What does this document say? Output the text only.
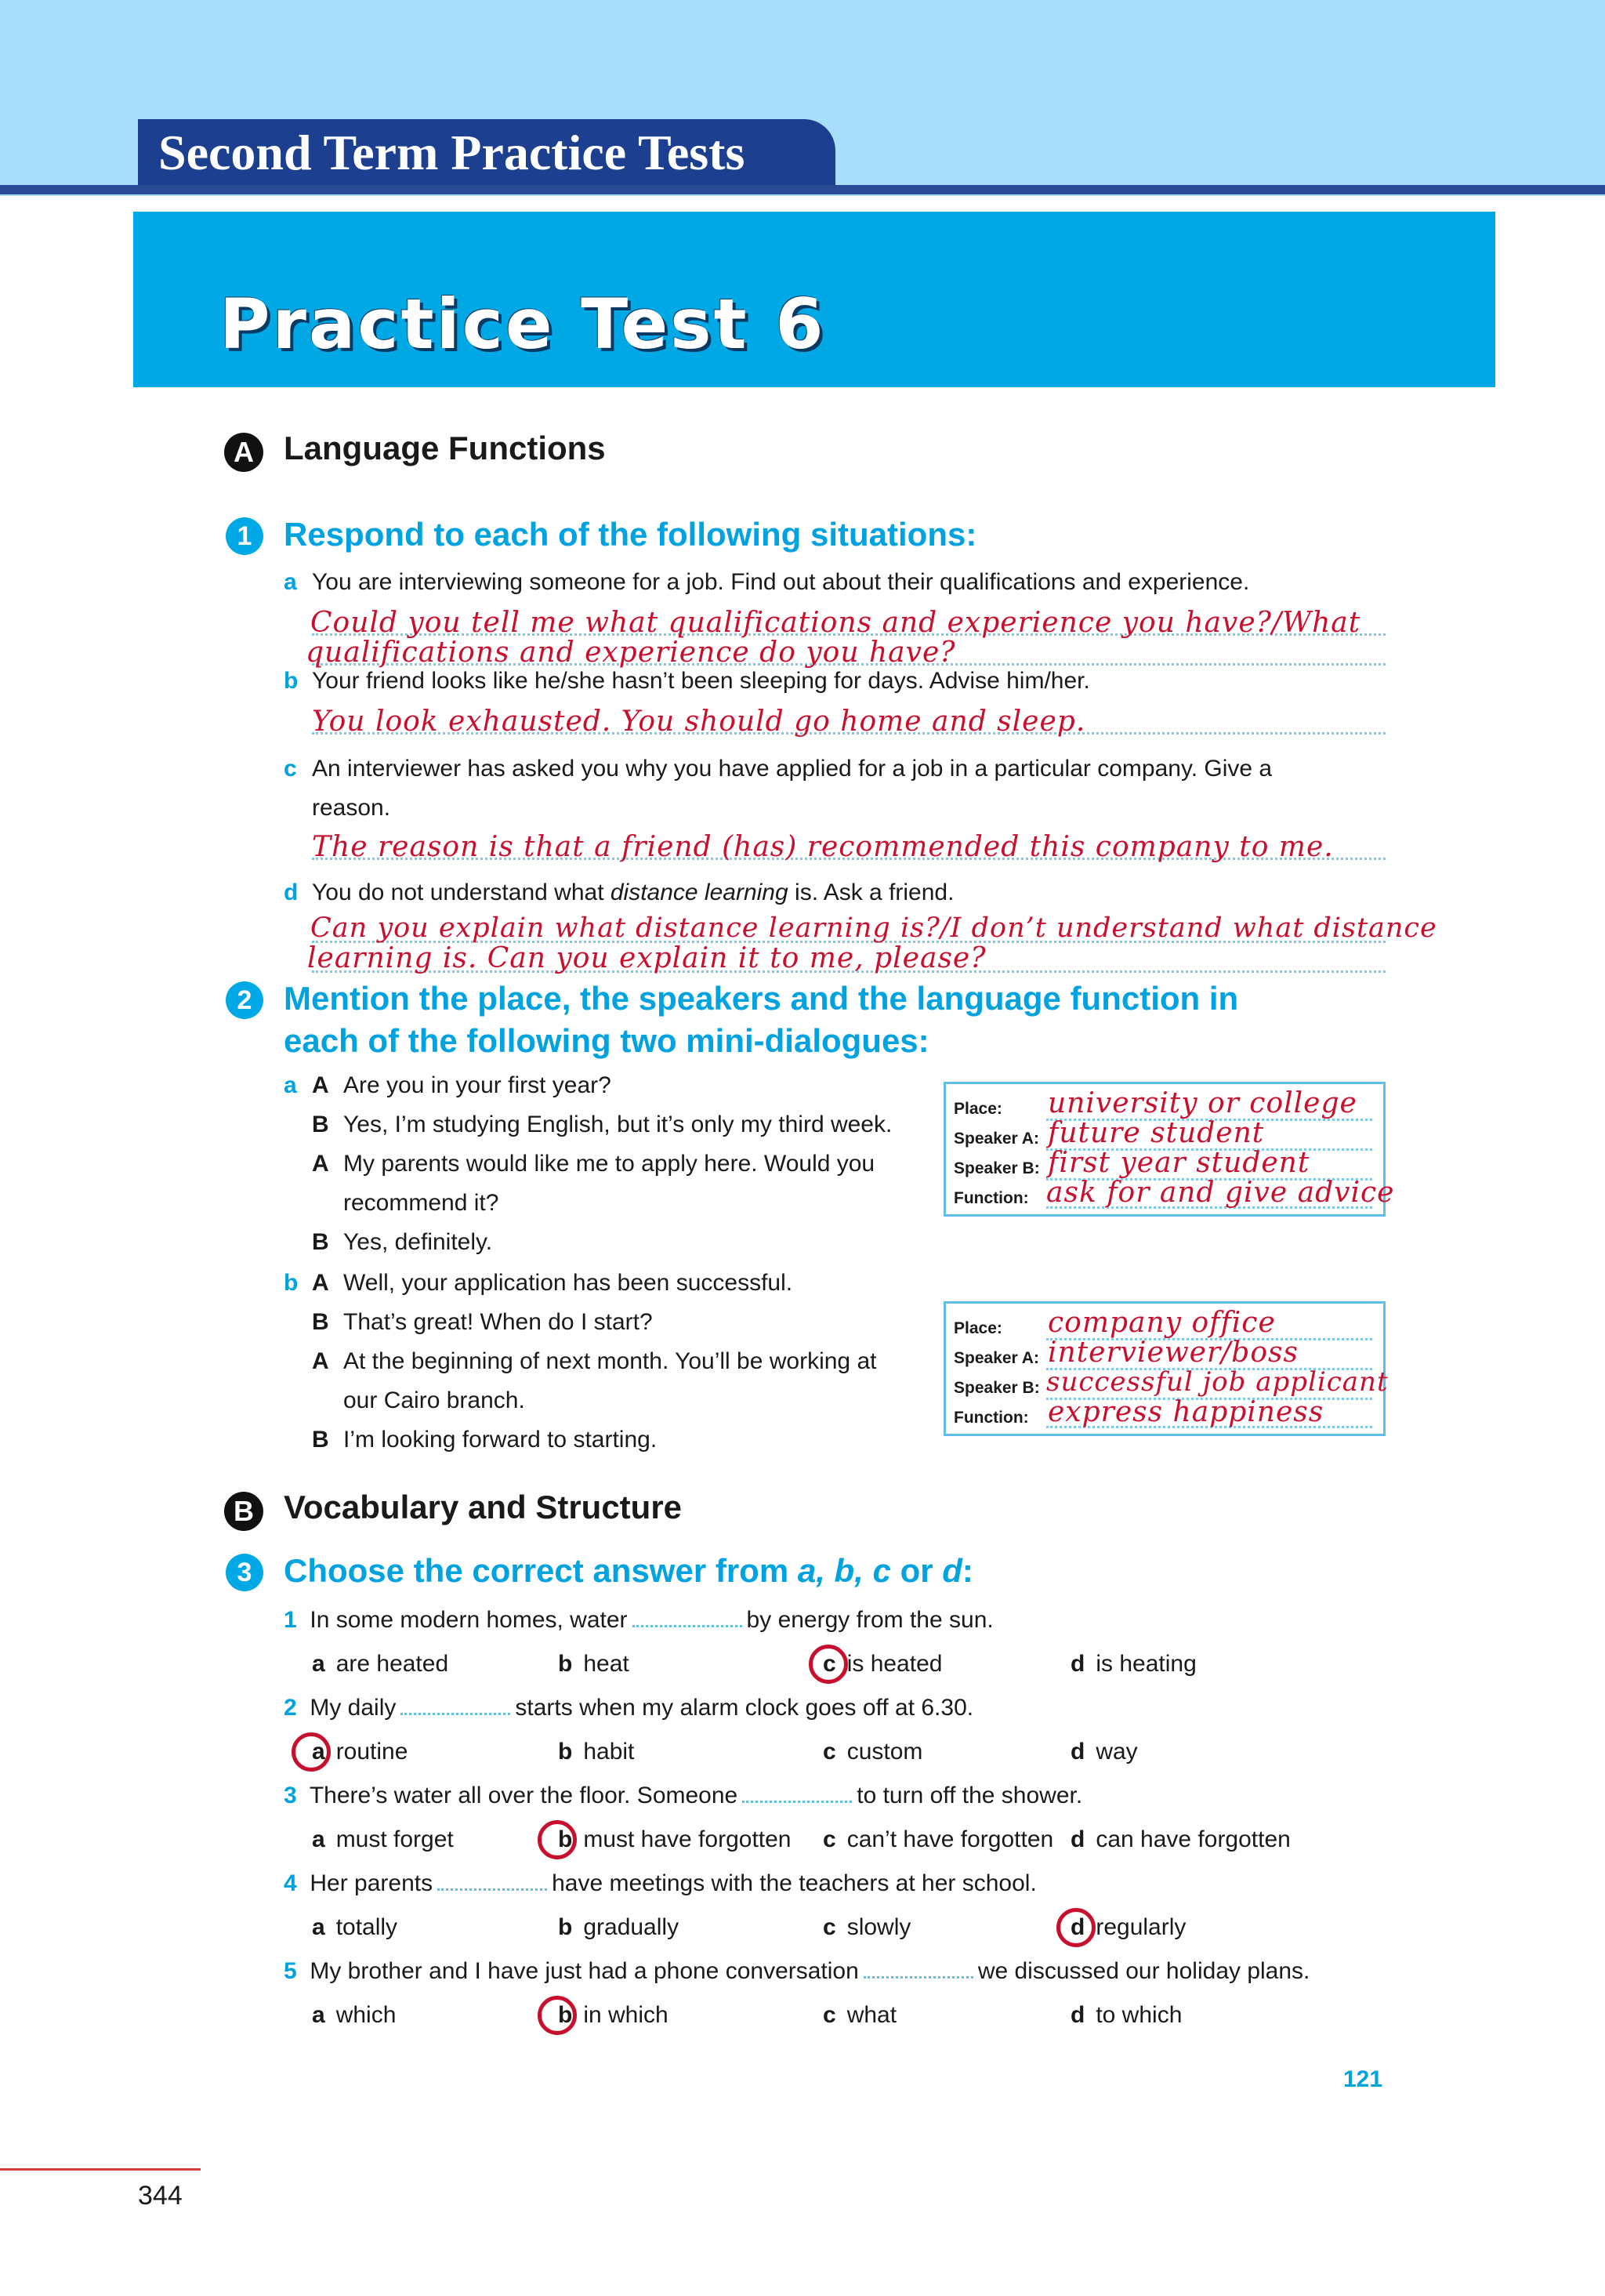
Second Term Practice Tests
Practice Test 6
A Language Functions
1 Respond to each of the following situations:
a You are interviewing someone for a job. Find out about their qualifications and experience.
Could you tell me what qualifications and experience you have?/What
qualifications and experience do you have?
b Your friend looks like he/she hasn’t been sleeping for days. Advise him/her.
You look exhausted. You should go home and sleep.
c An interviewer has asked you why you have applied for a job in a particular company. Give a
reason.
The reason is that a friend (has) recommended this company to me.
d You do not understand what distance learning is. Ask a friend.
Can you explain what distance learning is?/I don’t understand what distance
learning is. Can you explain it to me, please?
2 Mention the place, the speakers and the language function in
each of the following two mini-dialogues:
a A Are you in your first year?
B Yes, I’m studying English, but it’s only my third week.
A My parents would like me to apply here. Would you
recommend it?
B Yes, definitely.
Place: university or college
Speaker A: future student
Speaker B: first year student
Function: ask for and give advice
b A Well, your application has been successful.
B That’s great! When do I start?
A At the beginning of next month. You’ll be working at
our Cairo branch.
B I’m looking forward to starting.
Place: company office
Speaker A: interviewer/boss
Speaker B: successful job applicant
Function: express happiness
B Vocabulary and Structure
3 Choose the correct answer from a, b, c or d:
1 In some modern homes, water	by energy from the sun.
a are heated	b heat	c is heated	d is heating
2 My daily	starts when my alarm clock goes off at 6.30.
a routine	b habit	c custom	d way
3 There’s water all over the floor. Someone	to turn off the shower.
a must forget	b must have forgotten c can’t have forgotten d can have forgotten
4 Her parents	have meetings with the teachers at her school.
a totally	b gradually	c slowly	d regularly
5 My brother and I have just had a phone conversation	we discussed our holiday plans.
a which	b in which	c what	d to which
121
344
